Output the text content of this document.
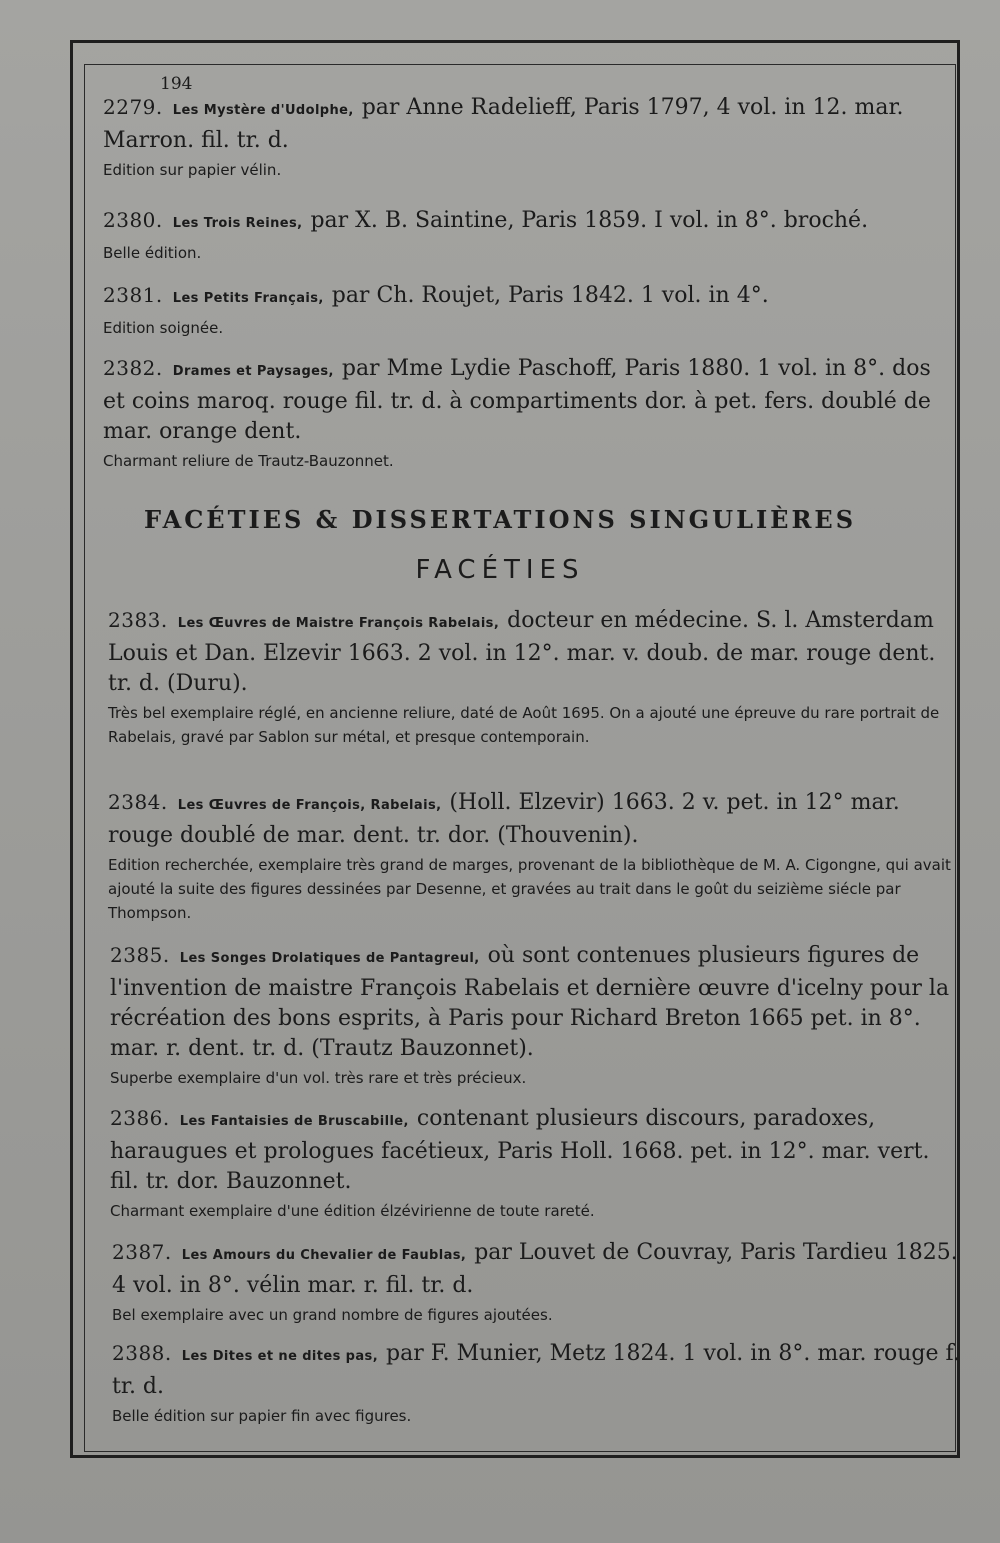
194
2279. Les Mystère d'Udolphe, par Anne Radelieff, Paris 1797, 4 vol. in 12. mar. Marron. fil. tr. d.
Edition sur papier vélin.
2380. Les Trois Reines, par X. B. Saintine, Paris 1859. I vol. in 8°. broché.
Belle édition.
2381. Les Petits Français, par Ch. Roujet, Paris 1842. 1 vol. in 4°.
Edition soignée.
2382. Drames et Paysages, par Mme Lydie Paschoff, Paris 1880. 1 vol. in 8°. dos et coins maroq. rouge fil. tr. d. à compartiments dor. à pet. fers. doublé de mar. orange dent.
Charmant reliure de Trautz-Bauzonnet.
FACÉTIES & DISSERTATIONS SINGULIÈRES
FACÉTIES
2383. Les Œuvres de Maistre François Rabelais, docteur en médecine. S. l. Amsterdam Louis et Dan. Elzevir 1663. 2 vol. in 12°. mar. v. doub. de mar. rouge dent. tr. d. (Duru).
Très bel exemplaire réglé, en ancienne reliure, daté de Août 1695. On a ajouté une épreuve du rare portrait de Rabelais, gravé par Sablon sur métal, et presque contemporain.
2384. Les Œuvres de François, Rabelais, (Holl. Elzevir) 1663. 2 v. pet. in 12° mar. rouge doublé de mar. dent. tr. dor. (Thouvenin).
Edition recherchée, exemplaire très grand de marges, provenant de la bibliothèque de M. A. Cigongne, qui avait ajouté la suite des figures dessinées par Desenne, et gravées au trait dans le goût du seizième siécle par Thompson.
2385. Les Songes Drolatiques de Pantagreul, où sont contenues plusieurs figures de l'invention de maistre François Rabelais et dernière œuvre d'icelny pour la récréation des bons esprits, à Paris pour Richard Breton 1665 pet. in 8°. mar. r. dent. tr. d. (Trautz Bauzonnet).
Superbe exemplaire d'un vol. très rare et très précieux.
2386. Les Fantaisies de Bruscabille, contenant plusieurs discours, paradoxes, haraugues et prologues facétieux, Paris Holl. 1668. pet. in 12°. mar. vert. fil. tr. dor. Bauzonnet.
Charmant exemplaire d'une édition élzévirienne de toute rareté.
2387. Les Amours du Chevalier de Faublas, par Louvet de Couvray, Paris Tardieu 1825. 4 vol. in 8°. vélin mar. r. fil. tr. d.
Bel exemplaire avec un grand nombre de figures ajoutées.
2388. Les Dites et ne dites pas, par F. Munier, Metz 1824. 1 vol. in 8°. mar. rouge f. tr. d.
Belle édition sur papier fin avec figures.
